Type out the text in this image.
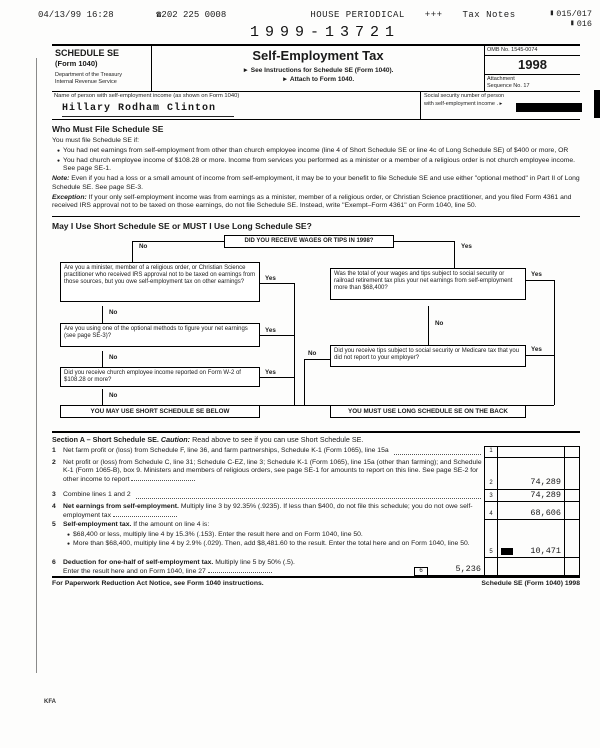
04/13/99 16:28	☎202 225 0008	HOUSE PERIODICAL +++ Tax Notes	▮ 015/017
▮ 016
1999-13721
SCHEDULE SE
(Form 1040)
Department of the Treasury
Internal Revenue Service
Self-Employment Tax
► See Instructions for Schedule SE (Form 1040).
► Attach to Form 1040.
OMB No. 1545-0074
1998
Attachment
Sequence No. 17
Name of person with self-employment income (as shown on Form 1040)
Hillary Rodham Clinton
Social security number of person
with self-employment income . ▸
Who Must File Schedule SE

You must file Schedule SE if:

● You had net earnings from self-employment from other than church employee income (line 4 of Short Schedule SE or line 4c of Long Schedule SE) of $400 or more, OR
● You had church employee income of $108.28 or more. Income from services you performed as a minister or a member of a religious order is not church employee income. See page SE-1.

Note: Even if you had a loss or a small amount of income from self-employment, it may be to your benefit to file Schedule SE and use either "optional method" in Part II of Long Schedule SE. See page SE-3.

Exception: If your only self-employment income was from earnings as a minister, member of a religious order, or Christian Science practitioner, and you filed Form 4361 and received IRS approval not to be taxed on those earnings, do not file Schedule SE. Instead, write "Exempt–Form 4361" on Form 1040, line 50.

May I Use Short Schedule SE or MUST I Use Long Schedule SE?
DID YOU RECEIVE WAGES OR TIPS IN 1998?
No	Yes
Are you a minister, member of a religious order, or Christian Science practitioner who received IRS approval not to be taxed on earnings from those sources, but you owe self-employment tax on other earnings?
Are you using one of the optional methods to figure your net earnings (see page SE-3)?
Did you receive church employee income reported on Form W-2 of $108.28 or more?
YOU MAY USE SHORT SCHEDULE SE BELOW
No
No
No
Yes
Yes
Yes
Was the total of your wages and tips subject to social security or railroad retirement tax plus your net earnings from self-employment more than $68,400?
Did you receive tips subject to social security or Medicare tax that you did not report to your employer?
YOU MUST USE LONG SCHEDULE SE ON THE BACK
No
No
Yes
Yes
Section A – Short Schedule SE. Caution: Read above to see if you can use Short Schedule SE.
1	Net farm profit or (loss) from Schedule F, line 36, and farm partnerships, Schedule K-1 (Form 1065), line 15a	1
2	Net profit or (loss) from Schedule C, line 31; Schedule C-EZ, line 3; Schedule K-1 (Form 1065), line 15a (other than farming); and Schedule K-1 (Form 1065-B), box 9. Ministers and members of religious orders, see page SE-1 for amounts to report on this line. See page SE-2 for other income to report
2	74,289
3	Combine lines 1 and 2	3	74,289
4	Net earnings from self-employment. Multiply line 3 by 92.35% (.9235). If less than $400, do not file this schedule; you do not owe self-employment tax	4	68,606
5	Self-employment tax. If the amount on line 4 is:
● $68,400 or less, multiply line 4 by 15.3% (.153). Enter the result here and on Form 1040, line 50.
● More than $68,400, multiply line 4 by 2.9% (.029). Then, add $8,481.60 to the result. Enter the total here and on Form 1040, line 50.
5	10,471
6	Deduction for one-half of self-employment tax. Multiply line 5 by 50% (.5).
Enter the result here and on Form 1040, line 27	6	5,236
For Paperwork Reduction Act Notice, see Form 1040 instructions.	Schedule SE (Form 1040) 1998
KFA
